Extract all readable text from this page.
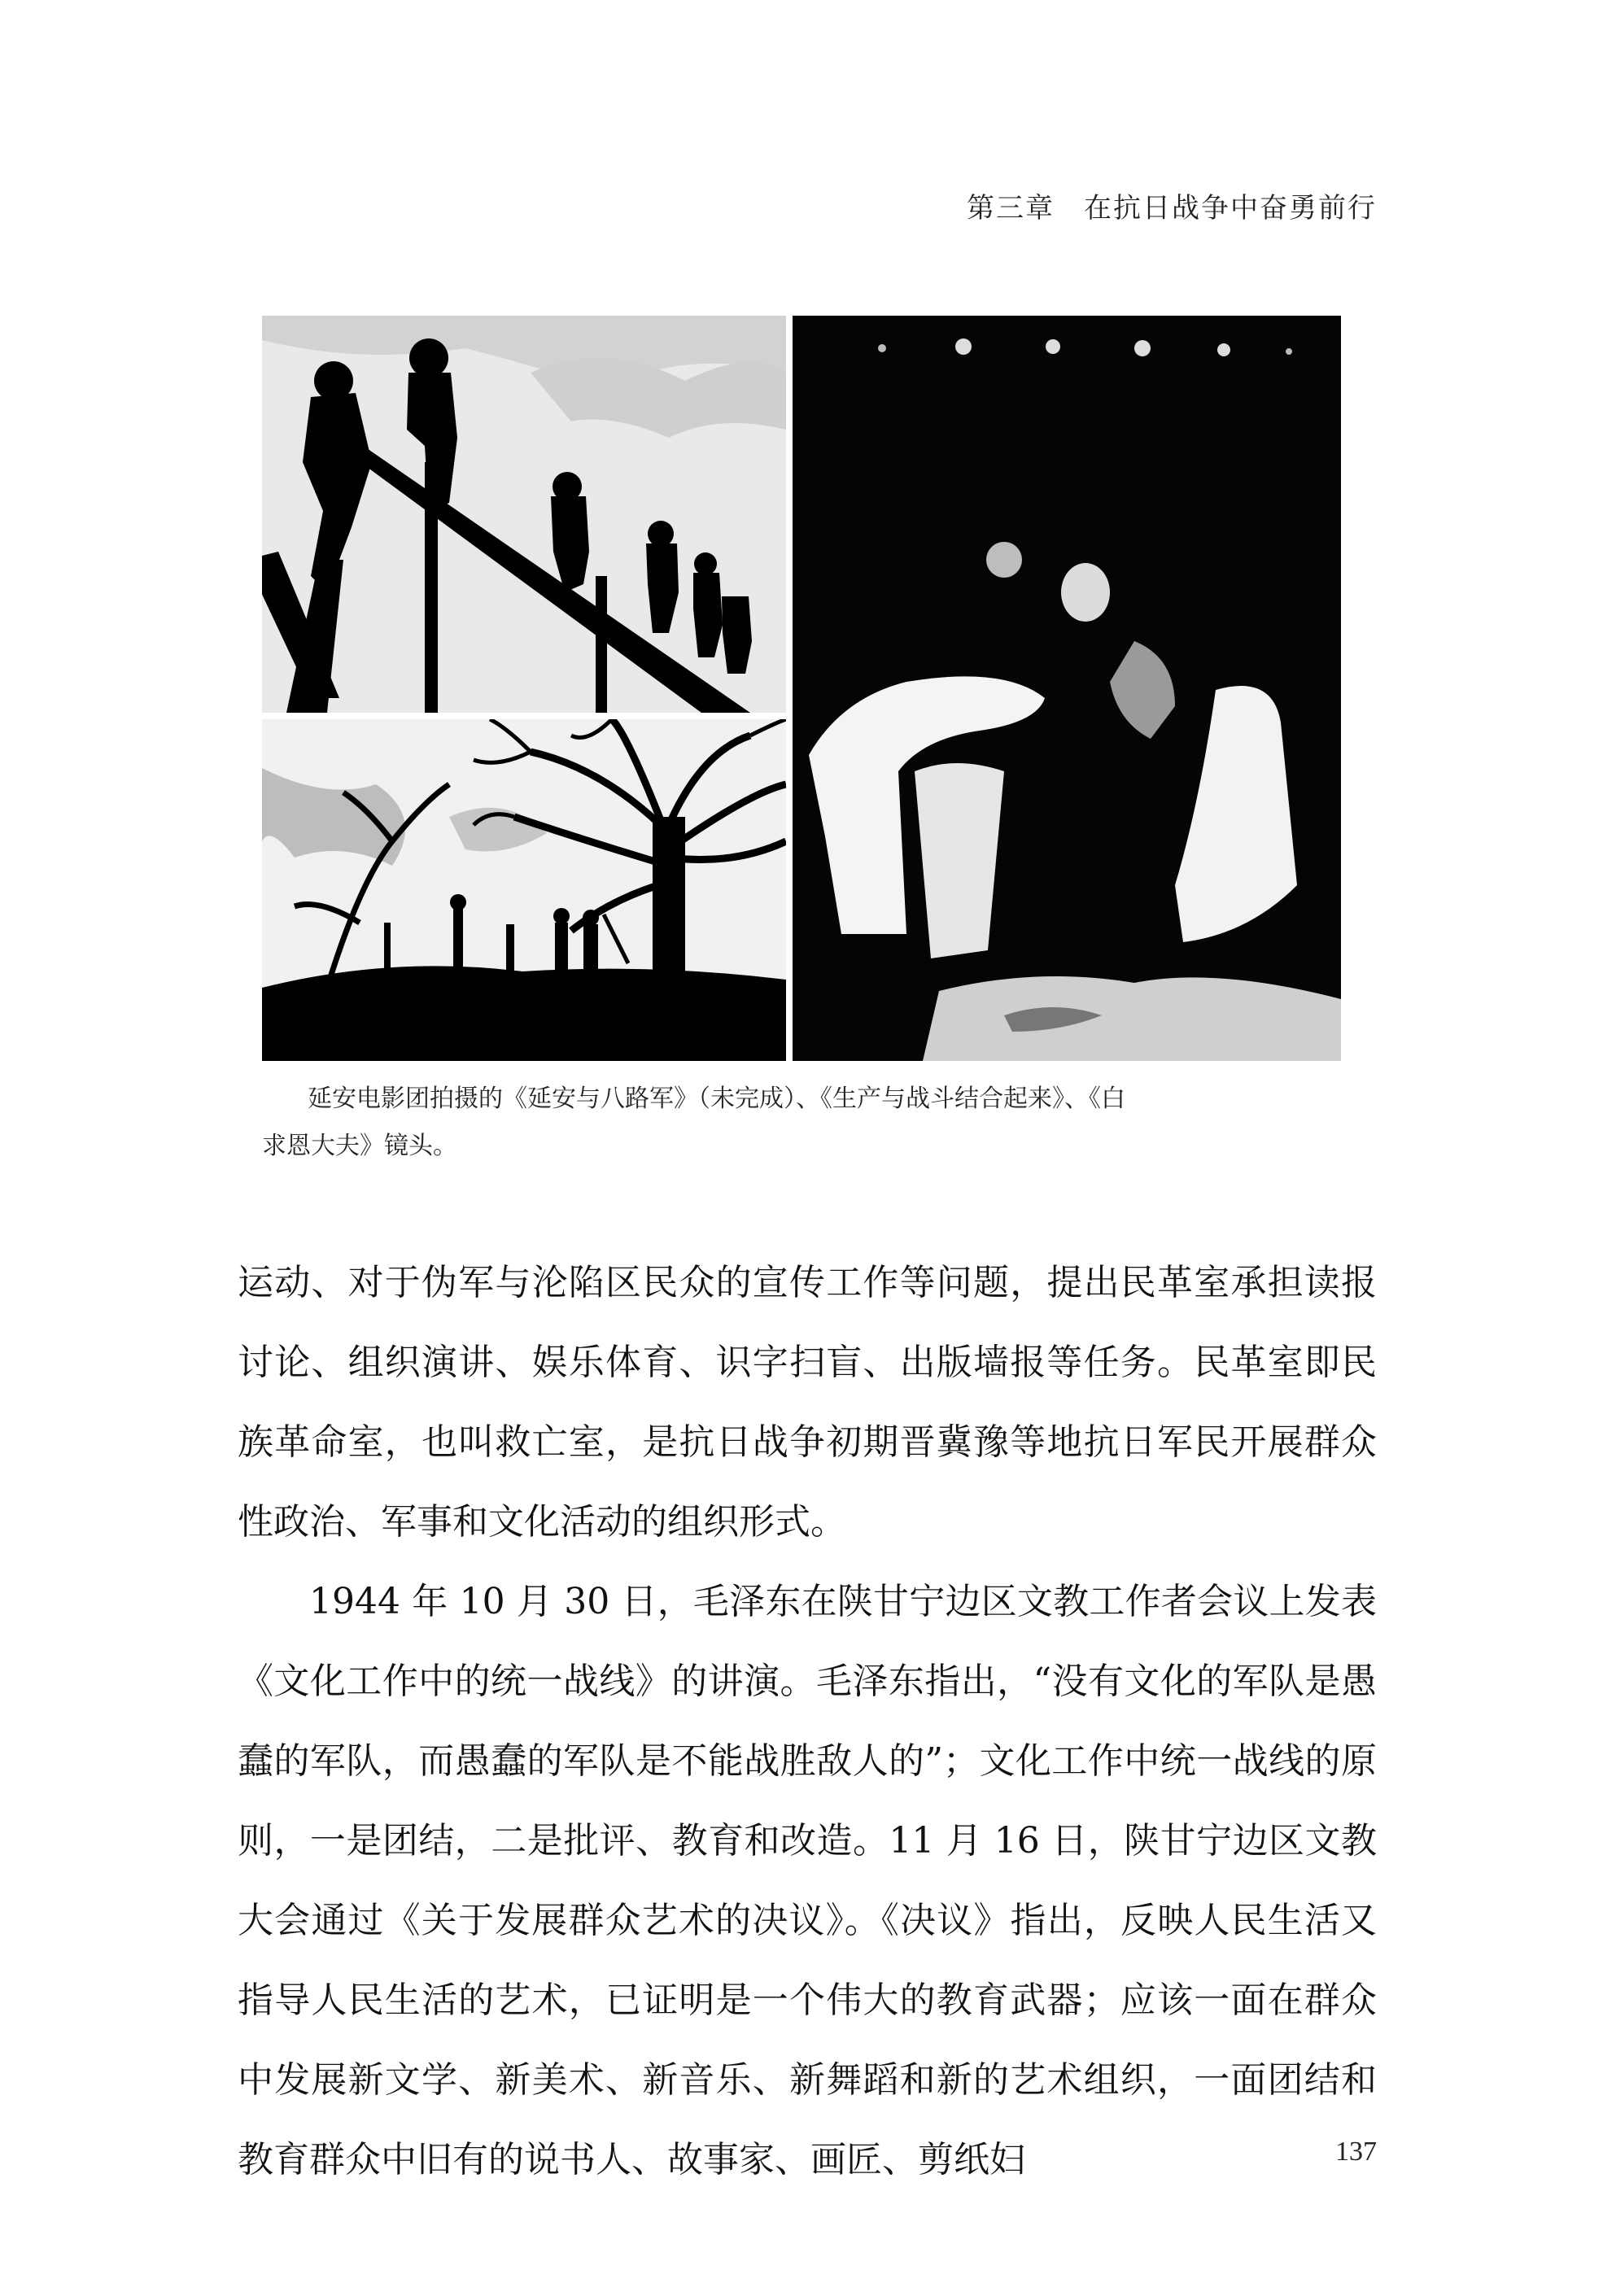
第三章 在抗日战争中奋勇前行

延安电影团拍摄的《延安与八路军》（未完成）、《生产与战斗结合起来》、《白

求恩大夫》镜头。

运动、对于伪军与沦陷区民众的宣传工作等问题，提出民革室承担读报讨论、组织演讲、娱乐体育、识字扫盲、出版墙报等任务。民革室即民族革命室，也叫救亡室，是抗日战争初期晋冀豫等地抗日军民开展群众性政治、军事和文化活动的组织形式。

1944 年 10 月 30 日，毛泽东在陕甘宁边区文教工作者会议上发表《文化工作中的统一战线》的讲演。毛泽东指出，“没有文化的军队是愚蠢的军队，而愚蠢的军队是不能战胜敌人的”；文化工作中统一战线的原则，一是团结，二是批评、教育和改造。11 月 16 日，陕甘宁边区文教大会通过《关于发展群众艺术的决议》。《决议》指出，反映人民生活又指导人民生活的艺术，已证明是一个伟大的教育武器；应该一面在群众中发展新文学、新美术、新音乐、新舞蹈和新的艺术组织，一面团结和教育群众中旧有的说书人、故事家、画匠、剪纸妇	137
